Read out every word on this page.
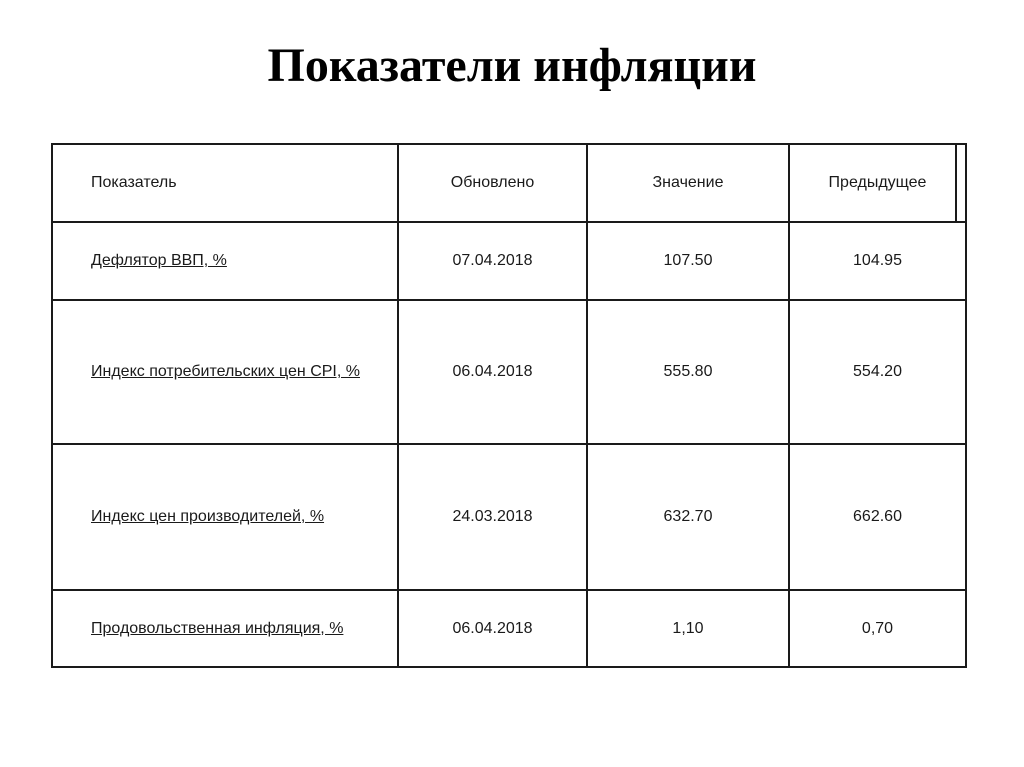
Показатели инфляции
Показатель	Обновлено	Значение	Предыдущее

Дефлятор ВВП, %	07.04.2018	107.50	104.95
Индекс потребительских цен CPI, %	06.04.2018	555.80	554.20
Индекс цен производителей, %	24.03.2018	632.70	662.60
Продовольственная инфляция, %	06.04.2018	1,10	0,70
